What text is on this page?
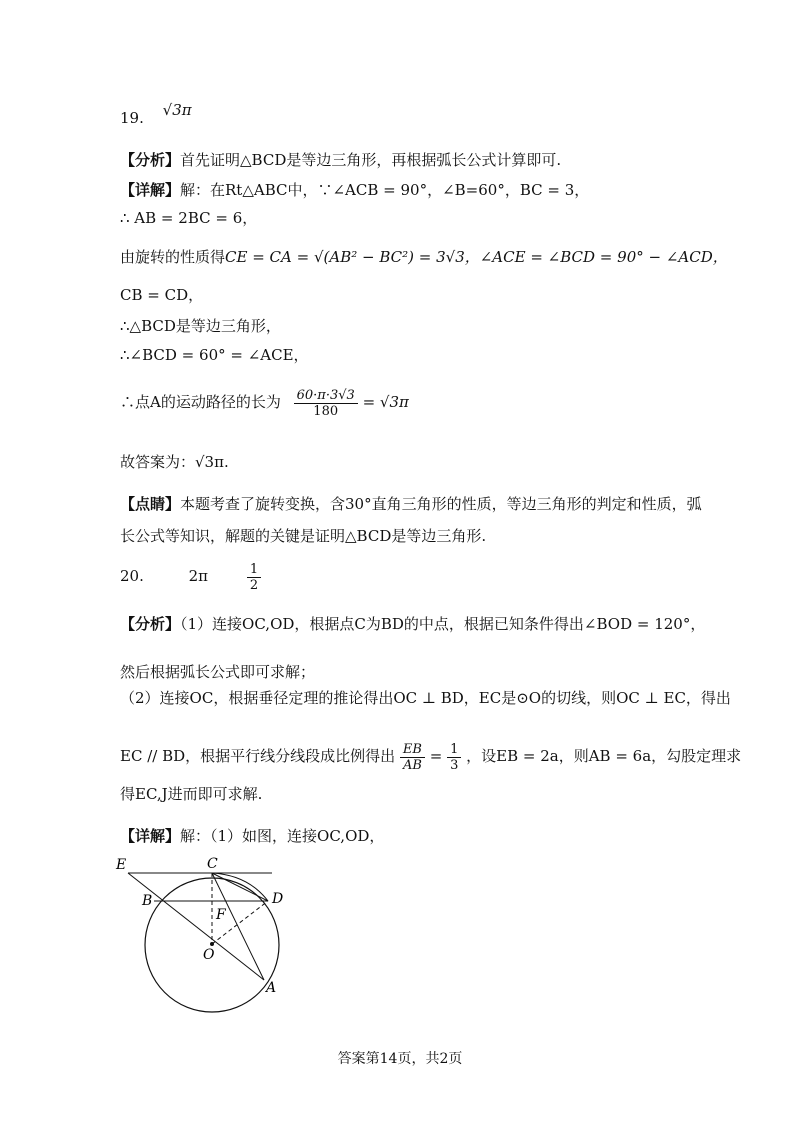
19. √3π
【分析】首先证明△BCD是等边三角形，再根据弧长公式计算即可.
【详解】解：在Rt△ABC中，∵∠ACB = 90°，∠B=60°，BC = 3，
∴ AB = 2BC = 6，
由旋转的性质得CE = CA = √(AB² − BC²) = 3√3，∠ACE = ∠BCD = 90° − ∠ACD，
CB = CD，
∴△BCD是等边三角形，
∴∠BCD = 60° = ∠ACE，
∴点A的运动路径的长为 $\frac{60\cdot\pi\cdot 3√3}{180} = √3\pi$
故答案为：√3π.
【点睛】本题考查了旋转变换，含30°直角三角形的性质，等边三角形的判定和性质，弧
长公式等知识，解题的关键是证明△BCD是等边三角形.
20.	2π	$\frac{1}{2}$
【分析】（1）连接OC,OD，根据点C为BD的中点，根据已知条件得出∠BOD = 120°，
然后根据弧长公式即可求解；
（2）连接OC，根据垂径定理的推论得出OC ⊥ BD，EC是⊙O的切线，则OC ⊥ EC，得出
EC // BD，根据平行线分线段成比例得出 $\frac{EB}{AB} = \frac{1}{3}$ ，设EB = 2a，则AB = 6a，勾股定理求
得EC,J进而即可求解.
【详解】解：（1）如图，连接OC,OD，
E	C
B	D
F
O
A
答案第14页，共2页
